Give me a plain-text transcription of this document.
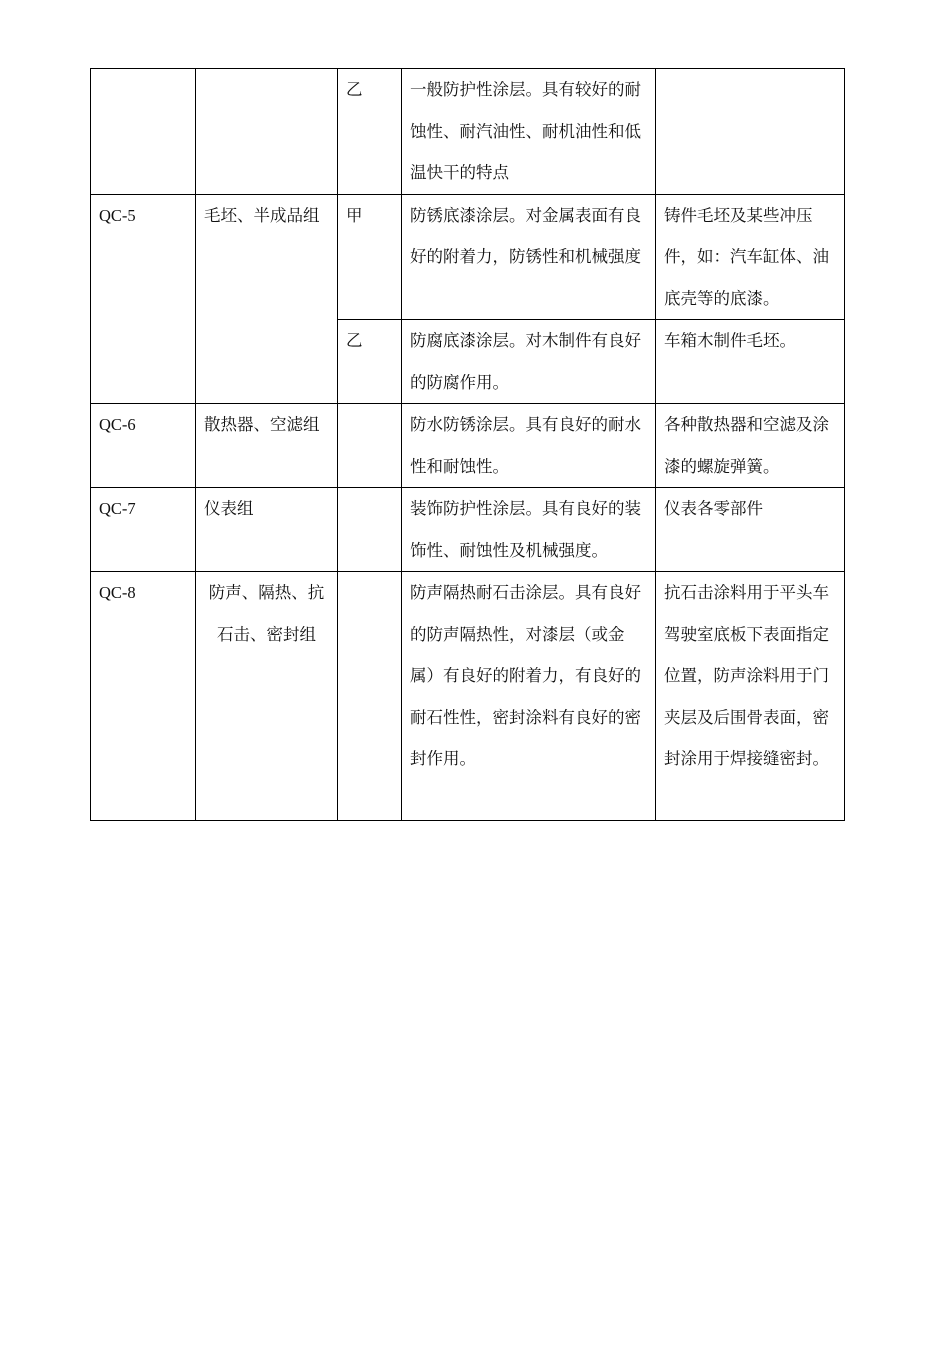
		乙	一般防护性涂层。具有较好的耐蚀性、耐汽油性、耐机油性和低温快干的特点	
QC-5	毛坯、半成品组	甲	防锈底漆涂层。对金属表面有良好的附着力，防锈性和机械强度	铸件毛坯及某些冲压件，如：汽车缸体、油底壳等的底漆。
		乙	防腐底漆涂层。对木制件有良好的防腐作用。	车箱木制件毛坯。
QC-6	散热器、空滤组		防水防锈涂层。具有良好的耐水性和耐蚀性。	各种散热器和空滤及涂漆的螺旋弹簧。
QC-7	仪表组		装饰防护性涂层。具有良好的装饰性、耐蚀性及机械强度。	仪表各零部件
QC-8	防声、隔热、抗石击、密封组		防声隔热耐石击涂层。具有良好的防声隔热性，对漆层（或金属）有良好的附着力，有良好的耐石性性，密封涂料有良好的密封作用。	抗石击涂料用于平头车驾驶室底板下表面指定位置，防声涂料用于门夹层及后围骨表面，密封涂用于焊接缝密封。
